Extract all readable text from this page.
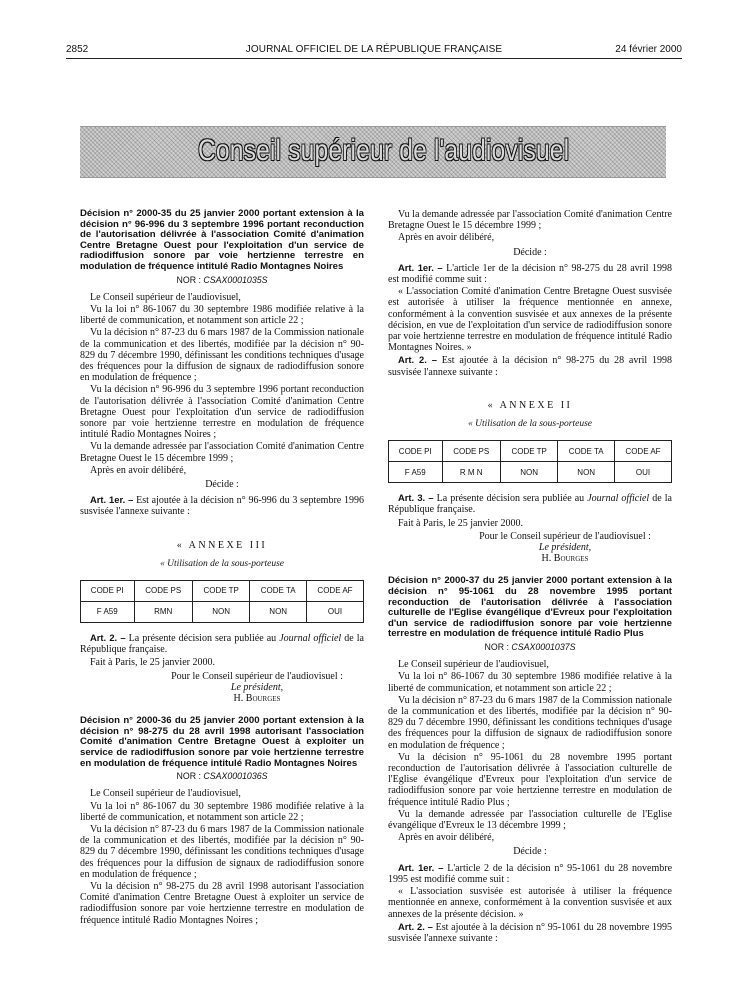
2852	JOURNAL OFFICIEL DE LA RÉPUBLIQUE FRANÇAISE	24 février 2000
Conseil supérieur de l'audiovisuel
Décision n° 2000-35 du 25 janvier 2000 portant extension à la décision n° 96-996 du 3 septembre 1996 portant reconduction de l'autorisation délivrée à l'association Comité d'animation Centre Bretagne Ouest pour l'exploitation d'un service de radiodiffusion sonore par voie hertzienne terrestre en modulation de fréquence intitulé Radio Montagnes Noires
NOR : CSAX0001035S

Le Conseil supérieur de l'audiovisuel,

Vu la loi n° 86-1067 du 30 septembre 1986 modifiée relative à la liberté de communication, et notamment son article 22 ;

Vu la décision n° 87-23 du 6 mars 1987 de la Commission nationale de la communication et des libertés, modifiée par la décision n° 90-829 du 7 décembre 1990, définissant les conditions techniques d'usage des fréquences pour la diffusion de signaux de radiodiffusion sonore en modulation de fréquence ;

Vu la décision n° 96-996 du 3 septembre 1996 portant reconduction de l'autorisation délivrée à l'association Comité d'animation Centre Bretagne Ouest pour l'exploitation d'un service de radiodiffusion sonore par voie hertzienne terrestre en modulation de fréquence intitulé Radio Montagnes Noires ;

Vu la demande adressée par l'association Comité d'animation Centre Bretagne Ouest le 15 décembre 1999 ;

Après en avoir délibéré,

Décide :

Art. 1er. – Est ajoutée à la décision n° 96-996 du 3 septembre 1996 susvisée l'annexe suivante :

« ANNEXE III
« Utilisation de la sous-porteuse
CODE PI	CODE PS	CODE TP	CODE TA	CODE AF
F A59	RMN	NON	NON	OUI

Art. 2. – La présente décision sera publiée au Journal officiel de la République française.

Fait à Paris, le 25 janvier 2000.

Pour le Conseil supérieur de l'audiovisuel :
Le président,
H. Bourges
Décision n° 2000-36 du 25 janvier 2000 portant extension à la décision n° 98-275 du 28 avril 1998 autorisant l'association Comité d'animation Centre Bretagne Ouest à exploiter un service de radiodiffusion sonore par voie hertzienne terrestre en modulation de fréquence intitulé Radio Montagnes Noires
NOR : CSAX0001036S

Le Conseil supérieur de l'audiovisuel,

Vu la loi n° 86-1067 du 30 septembre 1986 modifiée relative à la liberté de communication, et notamment son article 22 ;

Vu la décision n° 87-23 du 6 mars 1987 de la Commission nationale de la communication et des libertés, modifiée par la décision n° 90-829 du 7 décembre 1990, définissant les conditions techniques d'usage des fréquences pour la diffusion de signaux de radiodiffusion sonore en modulation de fréquence ;

Vu la décision n° 98-275 du 28 avril 1998 autorisant l'association Comité d'animation Centre Bretagne Ouest à exploiter un service de radiodiffusion sonore par voie hertzienne terrestre en modulation de fréquence intitulé Radio Montagnes Noires ;

Vu la demande adressée par l'association Comité d'animation Centre Bretagne Ouest le 15 décembre 1999 ;

Après en avoir délibéré,

Décide :

Art. 1er. – L'article 1er de la décision n° 98-275 du 28 avril 1998 est modifié comme suit :

« L'association Comité d'animation Centre Bretagne Ouest susvisée est autorisée à utiliser la fréquence mentionnée en annexe, conformément à la convention susvisée et aux annexes de la présente décision, en vue de l'exploitation d'un service de radiodiffusion sonore par voie hertzienne terrestre en modulation de fréquence intitulé Radio Montagnes Noires. »

Art. 2. – Est ajoutée à la décision n° 98-275 du 28 avril 1998 susvisée l'annexe suivante :

« ANNEXE II
« Utilisation de la sous-porteuse
CODE PI	CODE PS	CODE TP	CODE TA	CODE AF
F A59	R M N	NON	NON	OUI

Art. 3. – La présente décision sera publiée au Journal officiel de la République française.

Fait à Paris, le 25 janvier 2000.

Pour le Conseil supérieur de l'audiovisuel :
Le président,
H. Bourges
Décision n° 2000-37 du 25 janvier 2000 portant extension à la décision n° 95-1061 du 28 novembre 1995 portant reconduction de l'autorisation délivrée à l'association culturelle de l'Eglise évangélique d'Evreux pour l'exploitation d'un service de radiodiffusion sonore par voie hertzienne terrestre en modulation de fréquence intitulé Radio Plus
NOR : CSAX0001037S

Le Conseil supérieur de l'audiovisuel,

Vu la loi n° 86-1067 du 30 septembre 1986 modifiée relative à la liberté de communication, et notamment son article 22 ;

Vu la décision n° 87-23 du 6 mars 1987 de la Commission nationale de la communication et des libertés, modifiée par la décision n° 90-829 du 7 décembre 1990, définissant les conditions techniques d'usage des fréquences pour la diffusion de signaux de radiodiffusion sonore en modulation de fréquence ;

Vu la décision n° 95-1061 du 28 novembre 1995 portant reconduction de l'autorisation délivrée à l'association culturelle de l'Eglise évangélique d'Evreux pour l'exploitation d'un service de radiodiffusion sonore par voie hertzienne terrestre en modulation de fréquence intitulé Radio Plus ;

Vu la demande adressée par l'association culturelle de l'Eglise évangélique d'Evreux le 13 décembre 1999 ;

Après en avoir délibéré,

Décide :

Art. 1er. – L'article 2 de la décision n° 95-1061 du 28 novembre 1995 est modifié comme suit :

« L'association susvisée est autorisée à utiliser la fréquence mentionnée en annexe, conformément à la convention susvisée et aux annexes de la présente décision. »

Art. 2. – Est ajoutée à la décision n° 95-1061 du 28 novembre 1995 susvisée l'annexe suivante :
